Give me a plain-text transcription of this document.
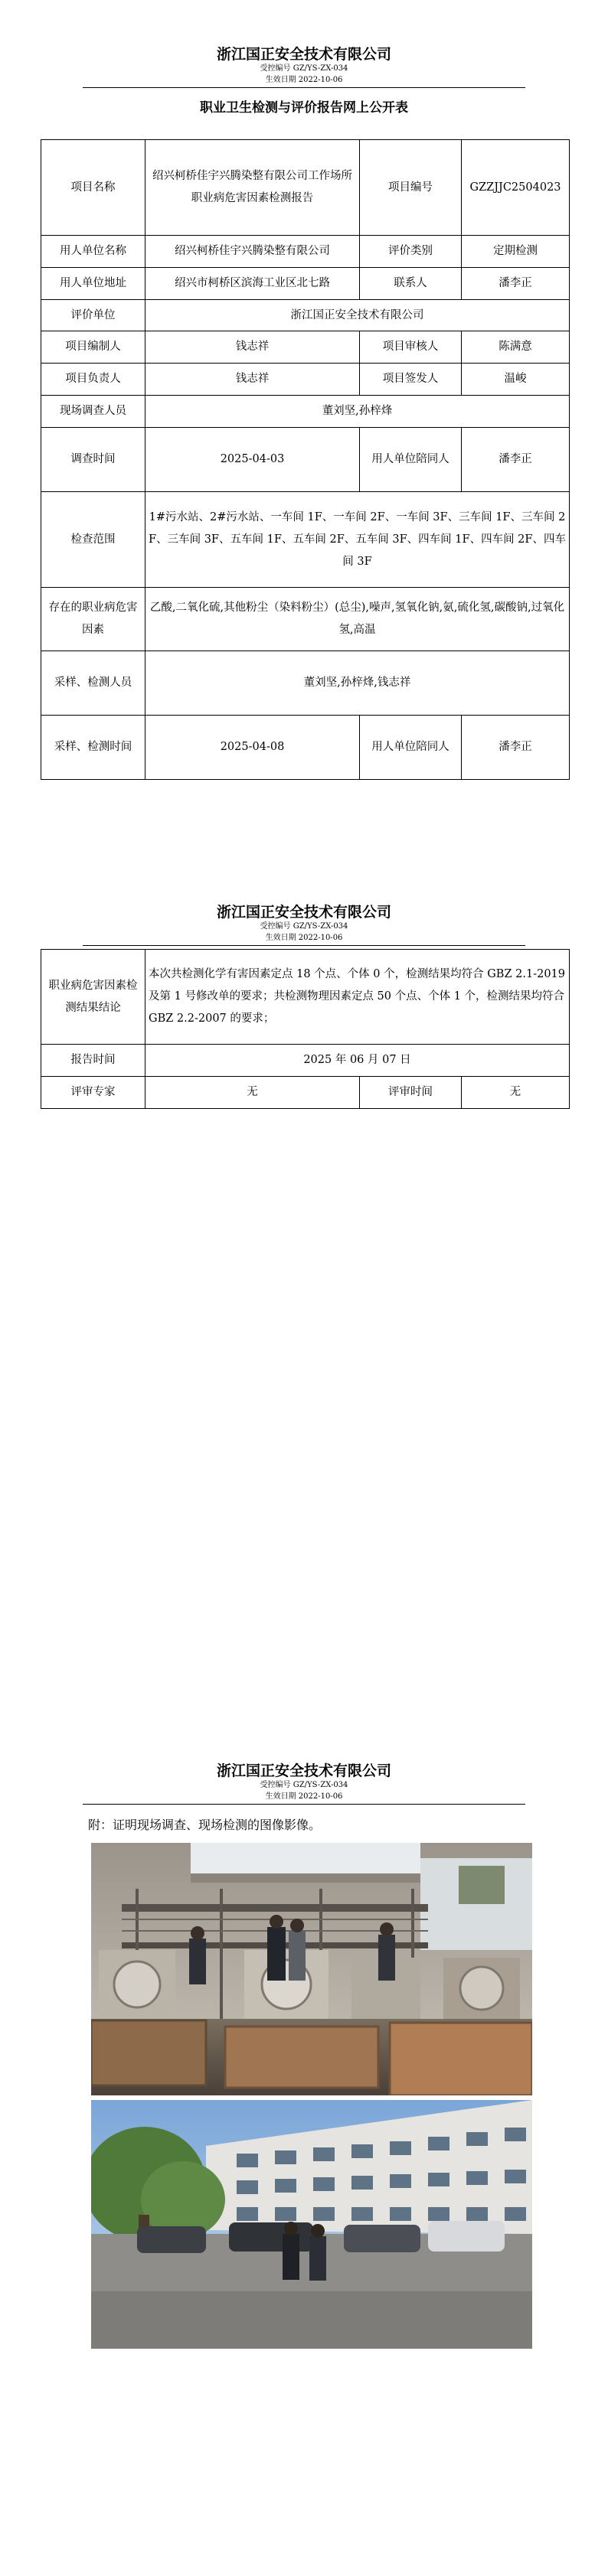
浙江国正安全技术有限公司
受控编号 GZ/YS-ZX-034
生效日期 2022-10-06
职业卫生检测与评价报告网上公开表
项目名称	绍兴柯桥佳宇兴腾染整有限公司工作场所职业病危害因素检测报告	项目编号	GZZJJC2504023
用人单位名称	绍兴柯桥佳宇兴腾染整有限公司	评价类别	定期检测
用人单位地址	绍兴市柯桥区滨海工业区北七路	联系人	潘李正
评价单位	浙江国正安全技术有限公司		
项目编制人	钱志祥	项目审核人	陈满意
项目负责人	钱志祥	项目签发人	温峻
现场调查人员	董刘坚,孙梓烽		
调查时间	2025-04-03	用人单位陪同人	潘李正
检查范围	1#污水站、2#污水站、一车间 1F、一车间 2F、一车间 3F、三车间 1F、三车间 2F、三车间 3F、五车间 1F、五车间 2F、五车间 3F、四车间 1F、四车间 2F、四车间 3F		
存在的职业病危害因素	乙酸,二氧化硫,其他粉尘（染料粉尘）(总尘),噪声,氢氧化钠,氨,硫化氢,碳酸钠,过氧化氢,高温		
采样、检测人员	董刘坚,孙梓烽,钱志祥		
采样、检测时间	2025-04-08	用人单位陪同人	潘李正
浙江国正安全技术有限公司
受控编号 GZ/YS-ZX-034
生效日期 2022-10-06
职业病危害因素检测结果结论	本次共检测化学有害因素定点 18 个点、个体 0 个，检测结果均符合 GBZ 2.1-2019 及第 1 号修改单的要求；共检测物理因素定点 50 个点、个体 1 个，检测结果均符合 GBZ 2.2-2007 的要求；		
报告时间	2025 年 06 月 07 日		
评审专家	无	评审时间	无
浙江国正安全技术有限公司
受控编号 GZ/YS-ZX-034
生效日期 2022-10-06
附：证明现场调查、现场检测的图像影像。
